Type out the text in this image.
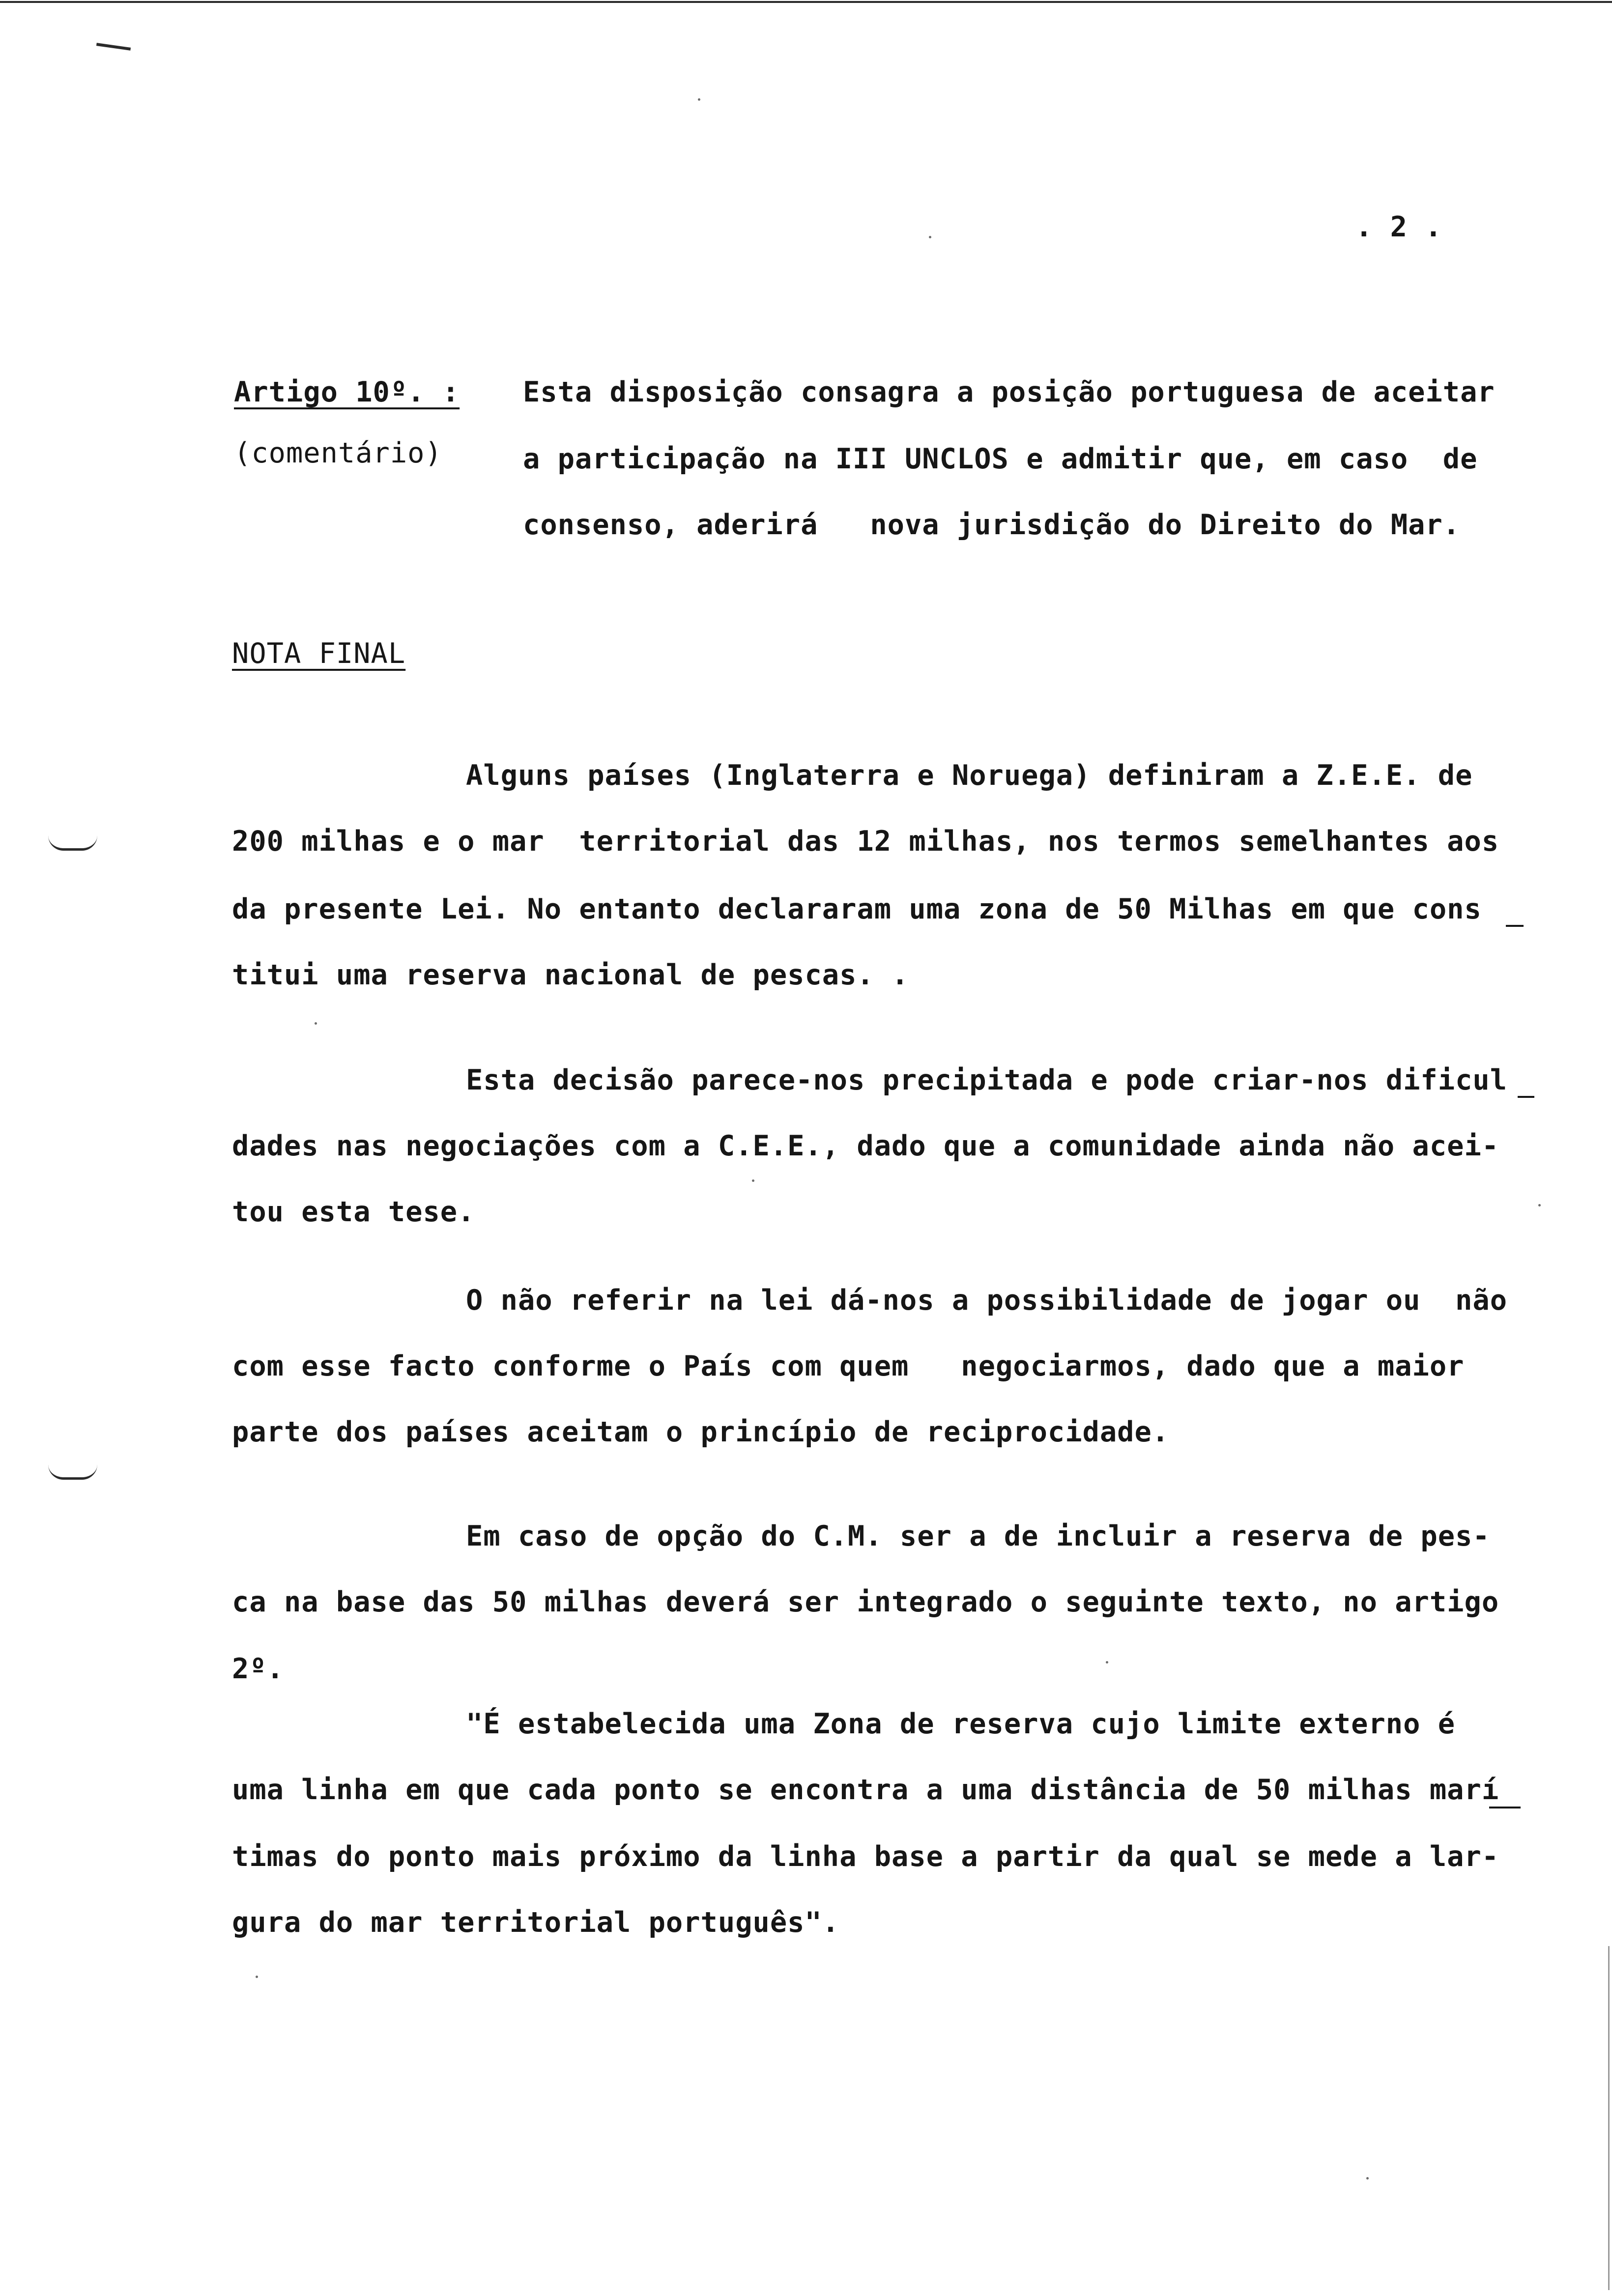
. 2 .
Artigo 10º. :
(comentário)
Esta disposição consagra a posição portuguesa de aceitar
a participação na III UNCLOS e admitir que, em caso  de
consenso, aderirá   nova jurisdição do Direito do Mar.
NOTA FINAL
Alguns países (Inglaterra e Noruega) definiram a Z.E.E. de
200 milhas e o mar  territorial das 12 milhas, nos termos semelhantes aos
da presente Lei. No entanto declararam uma zona de 50 Milhas em que cons
titui uma reserva nacional de pescas. .
Esta decisão parece-nos precipitada e pode criar-nos dificul
dades nas negociações com a C.E.E., dado que a comunidade ainda não acei-
tou esta tese.
O não referir na lei dá-nos a possibilidade de jogar ou  não
com esse facto conforme o País com quem   negociarmos, dado que a maior
parte dos países aceitam o princípio de reciprocidade.
Em caso de opção do C.M. ser a de incluir a reserva de pes-
ca na base das 50 milhas deverá ser integrado o seguinte texto, no artigo
2º.
"É estabelecida uma Zona de reserva cujo limite externo é
uma linha em que cada ponto se encontra a uma distância de 50 milhas marí
timas do ponto mais próximo da linha base a partir da qual se mede a lar-
gura do mar territorial português".
